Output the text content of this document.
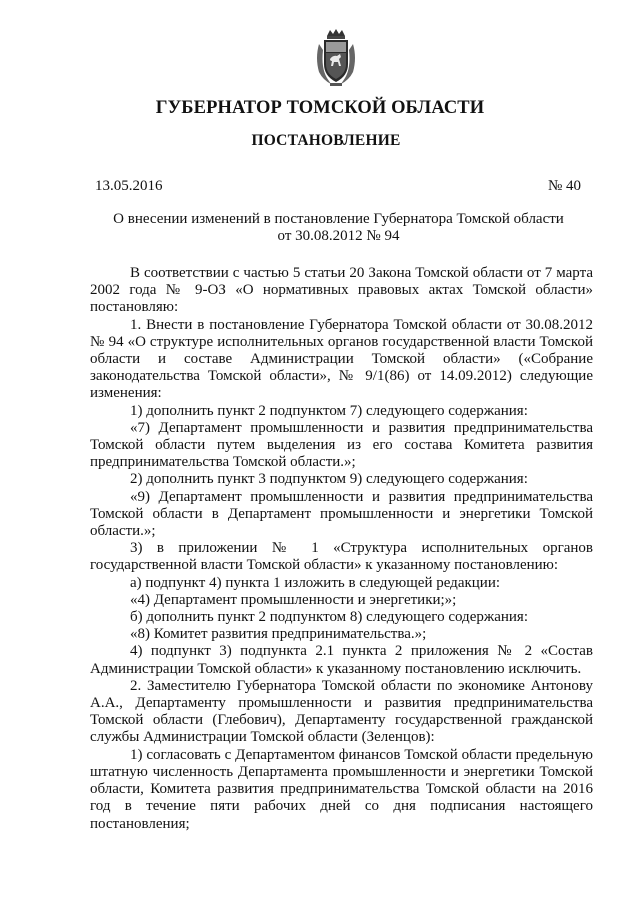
ГУБЕРНАТОР ТОМСКОЙ ОБЛАСТИ
ПОСТАНОВЛЕНИЕ
13.05.2016	№ 40
О внесении изменений в постановление Губернатора Томской области
от 30.08.2012 № 94

В соответствии с частью 5 статьи 20 Закона Томской области от 7 марта 2002 года № 9-ОЗ «О нормативных правовых актах Томской области» постановляю:

1. Внести в постановление Губернатора Томской области от 30.08.2012 № 94 «О структуре исполнительных органов государственной власти Томской области и составе Администрации Томской области» («Собрание законодательства Томской области», № 9/1(86) от 14.09.2012) следующие изменения:

1) дополнить пункт 2 подпунктом 7) следующего содержания:

«7) Департамент промышленности и развития предпринимательства Томской области путем выделения из его состава Комитета развития предпринимательства Томской области.»;

2) дополнить пункт 3 подпунктом 9) следующего содержания:

«9) Департамент промышленности и развития предпринимательства Томской области в Департамент промышленности и энергетики Томской области.»;

3) в приложении № 1 «Структура исполнительных органов государственной власти Томской области» к указанному постановлению:

а) подпункт 4) пункта 1 изложить в следующей редакции:

«4) Департамент промышленности и энергетики;»;

б) дополнить пункт 2 подпунктом 8) следующего содержания:

«8) Комитет развития предпринимательства.»;

4) подпункт 3) подпункта 2.1 пункта 2 приложения № 2 «Состав Администрации Томской области» к указанному постановлению исключить.

2. Заместителю Губернатора Томской области по экономике Антонову А.А., Департаменту промышленности и развития предпринимательства Томской области (Глебович), Департаменту государственной гражданской службы Администрации Томской области (Зеленцов):

1) согласовать с Департаментом финансов Томской области предельную штатную численность Департамента промышленности и энергетики Томской области, Комитета развития предпринимательства Томской области на 2016 год в течение пяти рабочих дней со дня подписания настоящего постановления;
